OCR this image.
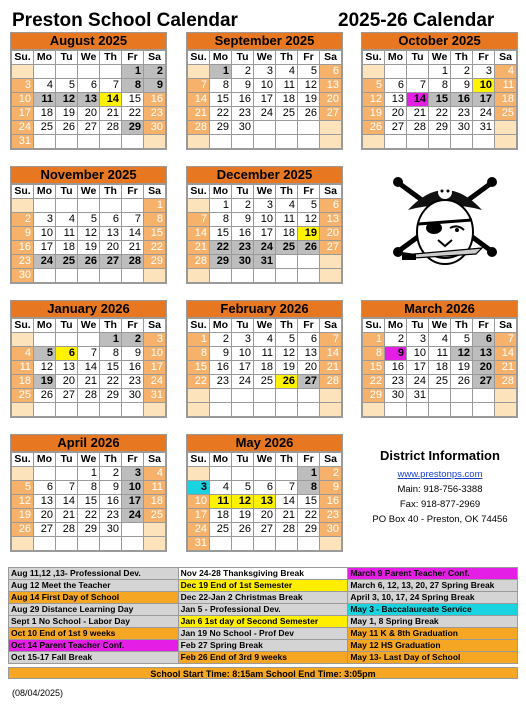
Preston School Calendar	2025-26 Calendar
August 2025
Su.	Mo	Tu	We	Th	Fr	Sa
					1	2
3	4	5	6	7	8	9
10	11	12	13	14	15	16
17	18	19	20	21	22	23
24	25	26	27	28	29	30
31						
September 2025
Su.	Mo	Tu	We	Th	Fr	Sa
	1	2	3	4	5	6
7	8	9	10	11	12	13
14	15	16	17	18	19	20
21	22	23	24	25	26	27
28	29	30				

October 2025
Su.	Mo	Tu	We	Th	Fr	Sa
			1	2	3	4
5	6	7	8	9	10	11
12	13	14	15	16	17	18
19	20	21	22	23	24	25
26	27	28	29	30	31	

November 2025
Su.	Mo	Tu	We	Th	Fr	Sa
						1
2	3	4	5	6	7	8
9	10	11	12	13	14	15
16	17	18	19	20	21	22
23	24	25	26	27	28	29
30						
December 2025
Su.	Mo	Tu	We	Th	Fr	Sa
	1	2	3	4	5	6
7	8	9	10	11	12	13
14	15	16	17	18	19	20
21	22	23	24	25	26	27
28	29	30	31			

January 2026
Su.	Mo	Tu	We	Th	Fr	Sa
				1	2	3
4	5	6	7	8	9	10
11	12	13	14	15	16	17
18	19	20	21	22	23	24
25	26	27	28	29	30	31

February 2026
Su.	Mo	Tu	We	Th	Fr	Sa
1	2	3	4	5	6	7
8	9	10	11	12	13	14
15	16	17	18	19	20	21
22	23	24	25	26	27	28

March 2026
Su.	Mo	Tu	We	Th	Fr	Sa
1	2	3	4	5	6	7
8	9	10	11	12	13	14
15	16	17	18	19	20	21
22	23	24	25	26	27	28
29	30	31				

April 2026
Su.	Mo	Tu	We	Th	Fr	Sa
			1	2	3	4
5	6	7	8	9	10	11
12	13	14	15	16	17	18
19	20	21	22	23	24	25
26	27	28	29	30		

May 2026
Su.	Mo	Tu	We	Th	Fr	Sa
					1	2
3	4	5	6	7	8	9
10	11	12	13	14	15	16
17	18	19	20	21	22	23
24	25	26	27	28	29	30
31						
District Information
www.prestonps.com
Main: 918-756-3388
Fax: 918-877-2969
PO Box 40 - Preston, OK 74456
Aug 11,12 ,13- Professional Dev.	Nov 24-28 Thanksgiving Break	March 9 Parent Teacher Conf.
Aug 12 Meet the Teacher	Dec 19 End of 1st Semester	March 6, 12, 13, 20, 27 Spring Break
Aug 14 First Day of School	Dec 22-Jan 2 Christmas Break	April 3, 10, 17, 24 Spring Break
Aug 29 Distance Learning Day	Jan 5 - Professional Dev.	May 3 - Baccalaureate Service
Sept 1 No School - Labor Day	Jan 6 1st day of Second Semester	May 1, 8 Spring Break
Oct 10 End of 1st 9 weeks	Jan 19 No School - Prof Dev	May 11 K & 8th Graduation
Oct 14 Parent Teacher Conf.	Feb 27 Spring Break	May 12 HS Graduation
Oct 15-17 Fall Break	Feb 26 End of 3rd 9 weeks	May 13- Last Day of School
School Start Time: 8:15am School End Time: 3:05pm
(08/04/2025)
